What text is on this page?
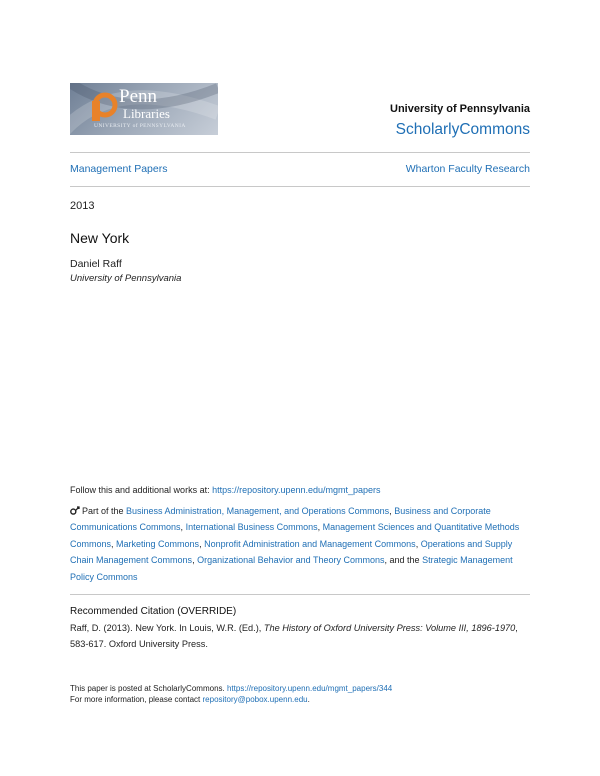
Penn
Libraries
UNIVERSITY of PENNSYLVANIA
University of Pennsylvania
ScholarlyCommons
Management Papers	Wharton Faculty Research
2013
New York
Daniel Raff
University of Pennsylvania
Follow this and additional works at: https://repository.upenn.edu/mgmt_papers
Part of the Business Administration, Management, and Operations Commons, Business and Corporate Communications Commons, International Business Commons, Management Sciences and Quantitative Methods Commons, Marketing Commons, Nonprofit Administration and Management Commons, Operations and Supply Chain Management Commons, Organizational Behavior and Theory Commons, and the Strategic Management Policy Commons
Recommended Citation (OVERRIDE)
Raff, D. (2013). New York. In Louis, W.R. (Ed.), The History of Oxford University Press: Volume III, 1896-1970, 583-617. Oxford University Press.
This paper is posted at ScholarlyCommons. https://repository.upenn.edu/mgmt_papers/344
For more information, please contact repository@pobox.upenn.edu.
